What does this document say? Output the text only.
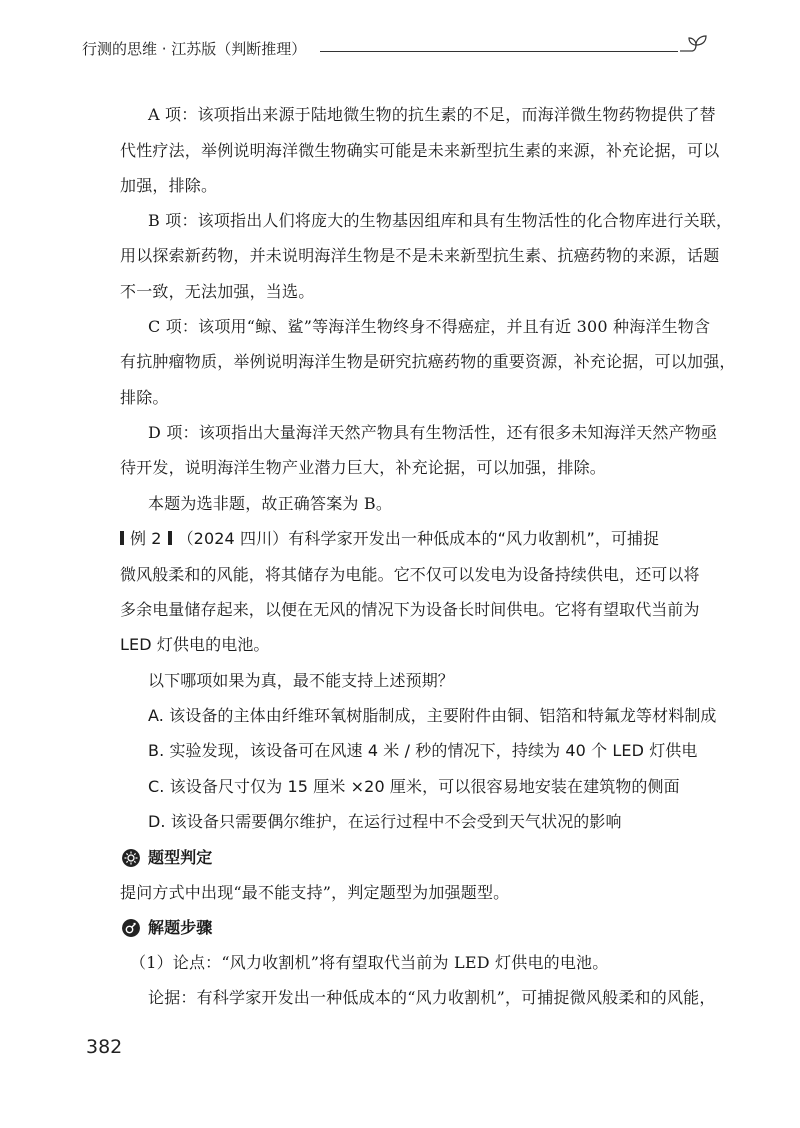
行测的思维 · 江苏版（判断推理）
A 项：该项指出来源于陆地微生物的抗生素的不足，而海洋微生物药物提供了替
代性疗法，举例说明海洋微生物确实可能是未来新型抗生素的来源，补充论据，可以
加强，排除。
B 项：该项指出人们将庞大的生物基因组库和具有生物活性的化合物库进行关联，
用以探索新药物，并未说明海洋生物是不是未来新型抗生素、抗癌药物的来源，话题
不一致，无法加强，当选。
C 项：该项用“鲸、鲨”等海洋生物终身不得癌症，并且有近 300 种海洋生物含
有抗肿瘤物质，举例说明海洋生物是研究抗癌药物的重要资源，补充论据，可以加强，
排除。
D 项：该项指出大量海洋天然产物具有生物活性，还有很多未知海洋天然产物亟
待开发，说明海洋生物产业潜力巨大，补充论据，可以加强，排除。
本题为选非题，故正确答案为 B。
例 2 （2024 四川）有科学家开发出一种低成本的“风力收割机”，可捕捉
微风般柔和的风能，将其储存为电能。它不仅可以发电为设备持续供电，还可以将
多余电量储存起来，以便在无风的情况下为设备长时间供电。它将有望取代当前为
LED 灯供电的电池。
以下哪项如果为真，最不能支持上述预期？
A. 该设备的主体由纤维环氧树脂制成，主要附件由铜、铝箔和特氟龙等材料制成
B. 实验发现，该设备可在风速 4 米 / 秒的情况下，持续为 40 个 LED 灯供电
C. 该设备尺寸仅为 15 厘米 ×20 厘米，可以很容易地安装在建筑物的侧面
D. 该设备只需要偶尔维护，在运行过程中不会受到天气状况的影响
题型判定
提问方式中出现“最不能支持”，判定题型为加强题型。
解题步骤
（1）论点：“风力收割机”将有望取代当前为 LED 灯供电的电池。
论据：有科学家开发出一种低成本的“风力收割机”，可捕捉微风般柔和的风能，
382
